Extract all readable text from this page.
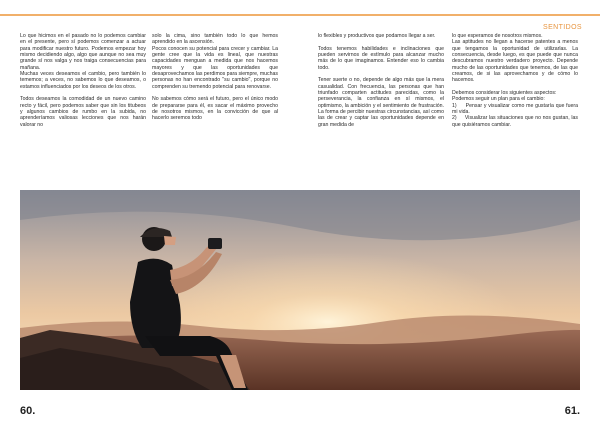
SENTIDOS

Lo que hicimos en el pasado no lo podemos cambiar en el presente, pero sí podemos comenzar a actuar para modificar nuestro futuro. Podemos empezar hoy mismo decidiendo algo, algo que aunque no sea muy grande sí nos valga y nos traiga consecuencias para mañana.

Muchas veces deseamos el cambio, pero también lo tememos; a veces, no sabemos lo que deseamos, o estamos influenciados por los deseos de los otros.

Todos deseamos la comodidad de un nuevo camino recto y fácil, pero podemos saber que sin los titubeos y algunos cambios de rumbo en la subida, no aprenderíamos valiosas lecciones que nos harán valorar no

solo la cima, sino también todo lo que hemos aprendido en la ascensión.

Pocos conocen su potencial para crecer y cambiar. La gente cree que la vida es lineal, que nuestras capacidades menguan a medida que nos hacemos mayores y que las oportunidades que desaprovechamos las perdimos para siempre, muchas personas no han encontrado "su cambio", porque no comprenden su tremendo potencial para renovarse.

No sabemos cómo será el futuro, pero el único modo de prepararse para él, es sacar el máximo provecho de nosotros mismos, en la convicción de que al hacerlo seremos todo

lo flexibles y productivos que podamos llegar a ser.

Todos tenemos habilidades e inclinaciones que pueden servirnos de estímulo para alcanzar mucho más de lo que imaginamos. Entender eso lo cambia todo.

Tener suerte o no, depende de algo más que la mera casualidad. Con frecuencia, las personas que han triunfado comparten actitudes parecidas, como la perseverancia, la confianza en sí mismos, el optimismo, la ambición y el sentimiento de frustración. La forma de percibir nuestras circunstancias, así como las de crear y captar las oportunidades depende en gran medida de

lo que esperamos de nosotros mismos.

Las aptitudes no llegan a hacerse patentes a menos que tengamos la oportunidad de utilizarlas. La consecuencia, desde luego, es que puede que nunca descubramos nuestro verdadero proyecto. Depende mucho de las oportunidades que tenemos, de las que creamos, de si las aprovechamos y de cómo lo hacemos.

Debemos considerar los siguientes aspectos:

Podemos seguir un plan para el cambio:

1)     Pensar y visualizar como me gustaría que fuera mi vida.

2)     Visualizar las situaciones que no nos gustan, las que quisiéramos cambiar.

60.	61.
